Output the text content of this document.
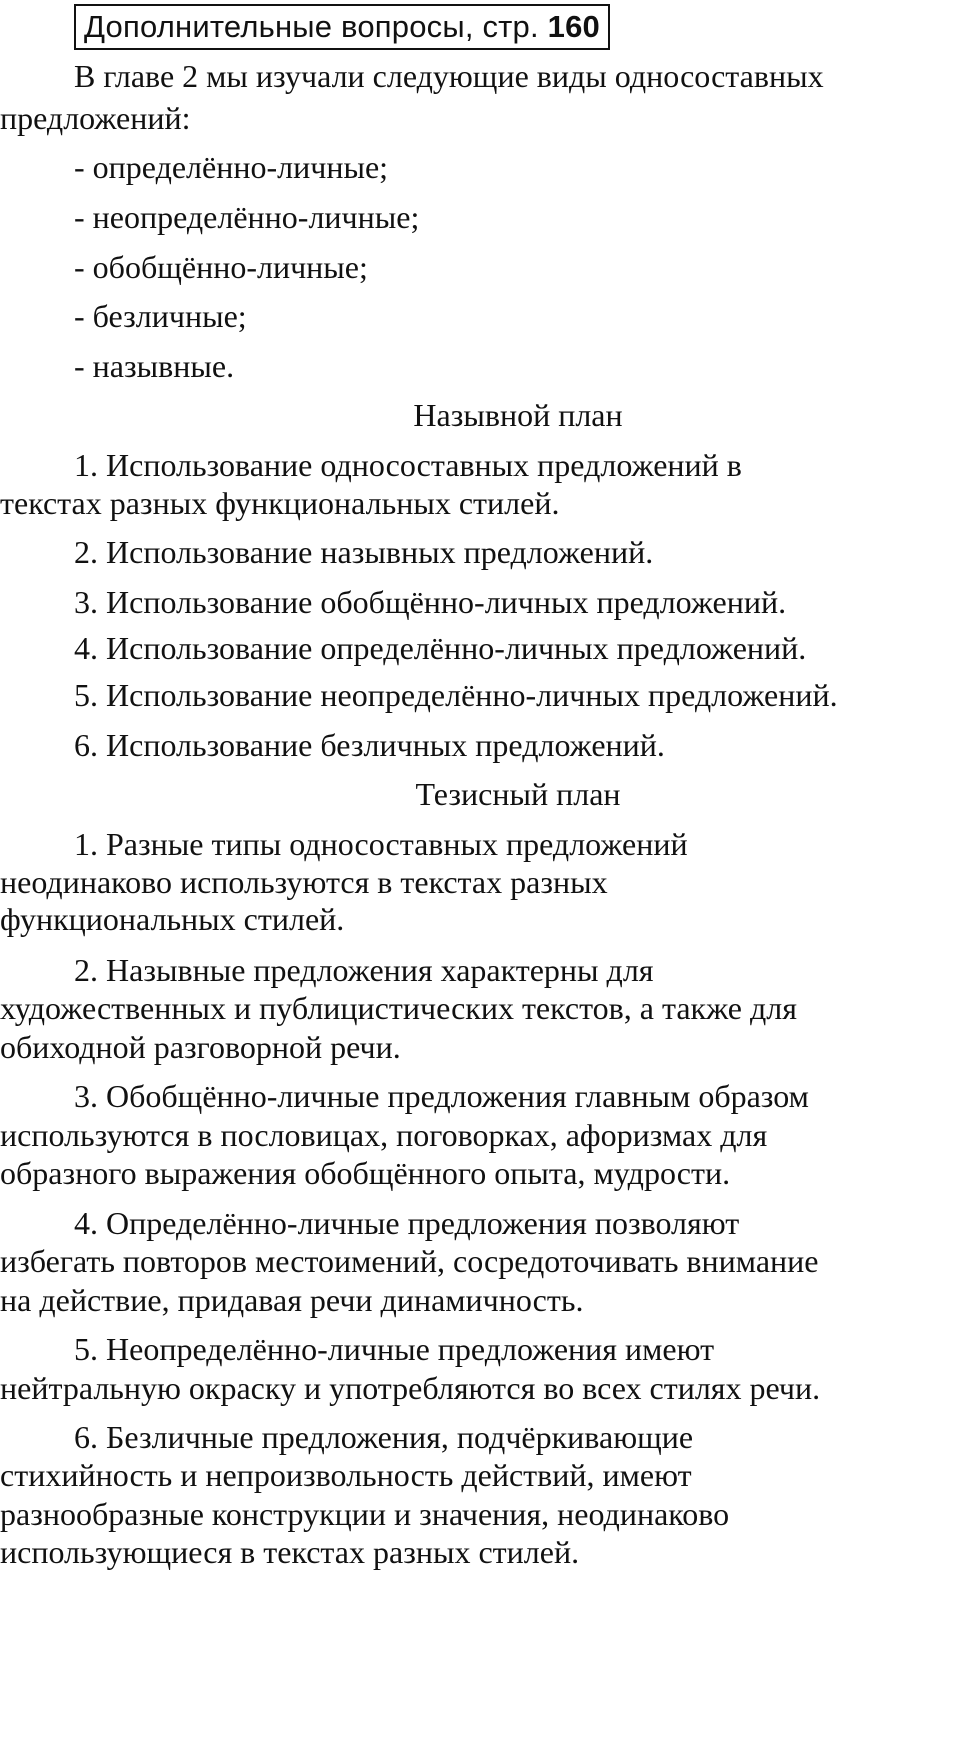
Дополнительные вопросы, стр. 160
В главе 2 мы изучали следующие виды односоставных
предложений:
- определённо-личные;
- неопределённо-личные;
- обобщённо-личные;
- безличные;
- назывные.
Назывной план
1. Использование односоставных предложений в
текстах разных функциональных стилей.
2. Использование назывных предложений.
3. Использование обобщённо-личных предложений.
4. Использование определённо-личных предложений.
5. Использование неопределённо-личных предложений.
6. Использование безличных предложений.
Тезисный план
1. Разные типы односоставных предложений
неодинаково используются в текстах разных
функциональных стилей.
2. Назывные предложения характерны для
художественных и публицистических текстов, а также для
обиходной разговорной речи.
3. Обобщённо-личные предложения главным образом
используются в пословицах, поговорках, афоризмах для
образного выражения обобщённого опыта, мудрости.
4. Определённо-личные предложения позволяют
избегать повторов местоимений, сосредоточивать внимание
на действие, придавая речи динамичность.
5. Неопределённо-личные предложения имеют
нейтральную окраску и употребляются во всех стилях речи.
6. Безличные предложения, подчёркивающие
стихийность и непроизвольность действий, имеют
разнообразные конструкции и значения, неодинаково
использующиеся в текстах разных стилей.
